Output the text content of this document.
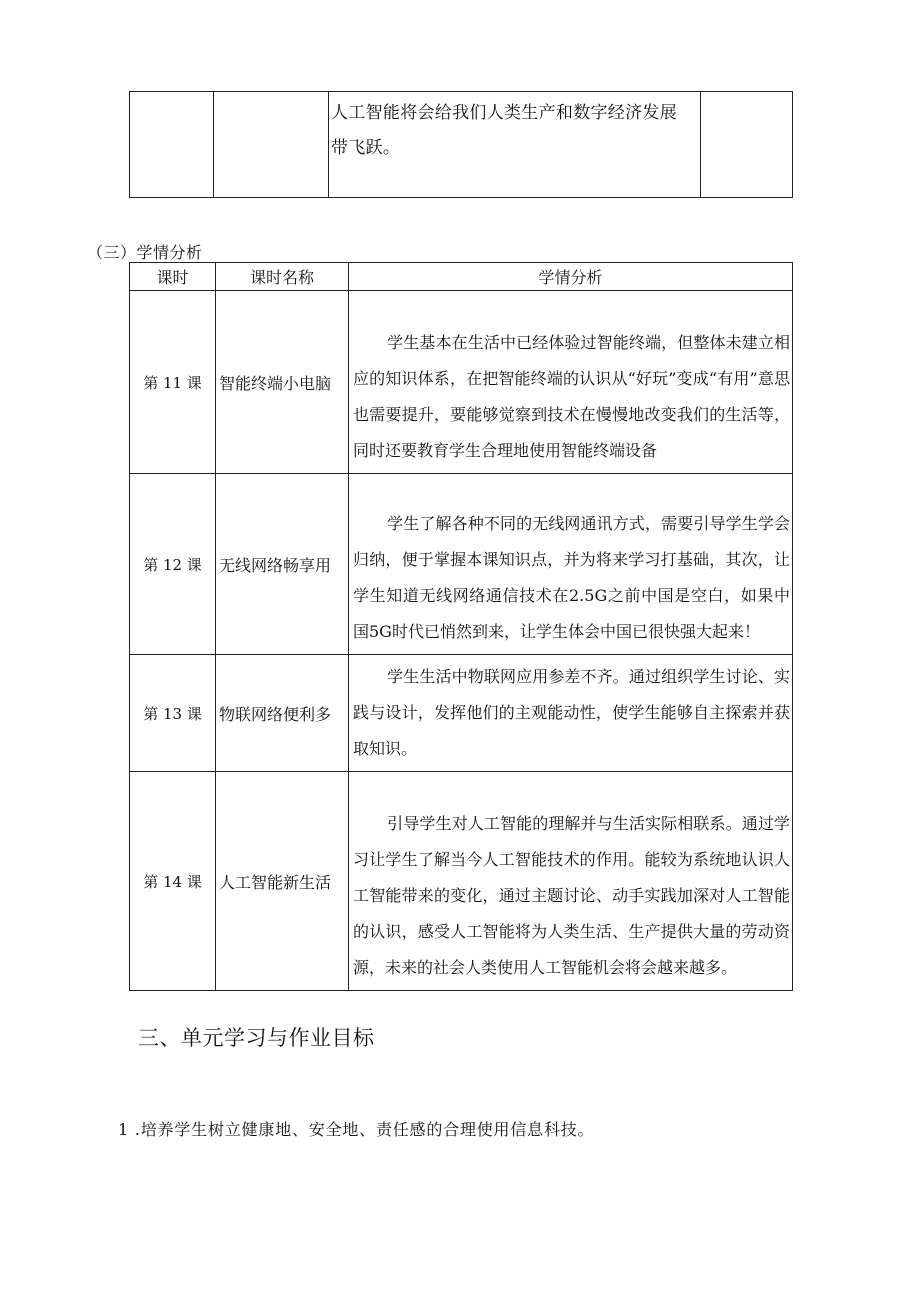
		人工智能将会给我们人类生产和数字经济发展带飞跃。	
（三）学情分析
课时	课时名称	学情分析
第 11 课	智能终端小电脑	学生基本在生活中已经体验过智能终端，但整体未建立相应的知识体系，在把智能终端的认识从“好玩”变成“有用”意思也需要提升，要能够觉察到技术在慢慢地改变我们的生活等，同时还要教育学生合理地使用智能终端设备
第 12 课	无线网络畅享用	学生了解各种不同的无线网通讯方式，需要引导学生学会归纳，便于掌握本课知识点，并为将来学习打基础，其次，让学生知道无线网络通信技术在2.5G之前中国是空白，如果中国5G时代已悄然到来，让学生体会中国已很快强大起来！
第 13 课	物联网络便利多	学生生活中物联网应用参差不齐。通过组织学生讨论、实践与设计，发挥他们的主观能动性，使学生能够自主探索并获取知识。
第 14 课	人工智能新生活	引导学生对人工智能的理解并与生活实际相联系。通过学习让学生了解当今人工智能技术的作用。能较为系统地认识人工智能带来的变化，通过主题讨论、动手实践加深对人工智能的认识，感受人工智能将为人类生活、生产提供大量的劳动资源，未来的社会人类使用人工智能机会将会越来越多。
三、单元学习与作业目标
1 .培养学生树立健康地、安全地、责任感的合理使用信息科技。
